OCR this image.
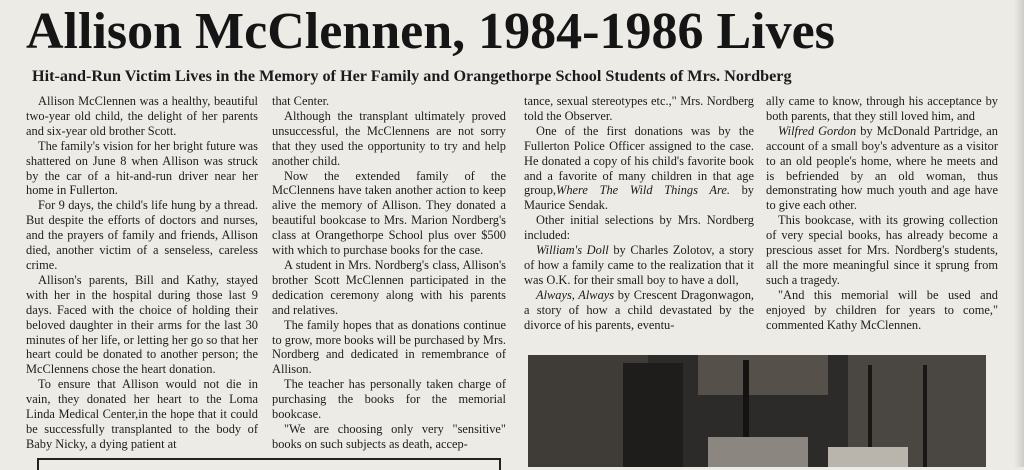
Allison McClennen, 1984-1986 Lives
Hit-and-Run Victim Lives in the Memory of Her Family and Orangethorpe School Students of Mrs. Nordberg

Allison McClennen was a healthy, beautiful two-year old child, the delight of her parents and six-year old brother Scott.

The family's vision for her bright future was shattered on June 8 when Allison was struck by the car of a hit-and-run driver near her home in Fullerton.

For 9 days, the child's life hung by a thread. But despite the efforts of doctors and nurses, and the prayers of family and friends, Allison died, another victim of a senseless, careless crime.

Allison's parents, Bill and Kathy, stayed with her in the hospital during those last 9 days. Faced with the choice of holding their beloved daughter in their arms for the last 30 minutes of her life, or letting her go so that her heart could be donated to another person; the McClennens chose the heart donation.

To ensure that Allison would not die in vain, they donated her heart to the Loma Linda Medical Center,in the hope that it could be successfully transplanted to the body of Baby Nicky, a dying patient at

that Center.

Although the transplant ultimately proved unsuccessful, the McClennens are not sorry that they used the opportunity to try and help another child.

Now the extended family of the McClennens have taken another action to keep alive the memory of Allison. They donated a beautiful bookcase to Mrs. Marion Nordberg's class at Orangethorpe School plus over $500 with which to purchase books for the case.

A student in Mrs. Nordberg's class, Allison's brother Scott McClennen participated in the dedication ceremony along with his parents and relatives.

The family hopes that as donations continue to grow, more books will be purchased by Mrs. Nordberg and dedicated in remembrance of Allison.

The teacher has personally taken charge of purchasing the books for the memorial bookcase.

"We are choosing only very "sensitive" books on such subjects as death, accep-

tance, sexual stereotypes etc.," Mrs. Nordberg told the Observer.

One of the first donations was by the Fullerton Police Officer assigned to the case. He donated a copy of his child's favorite book and a favorite of many children in that age group,Where The Wild Things Are. by Maurice Sendak.

Other initial selections by Mrs. Nordberg included:

William's Doll by Charles Zolotov, a story of how a family came to the realization that it was O.K. for their small boy to have a doll,

Always, Always by Crescent Dragonwagon, a story of how a child devastated by the divorce of his parents, eventu-

ally came to know, through his acceptance by both parents, that they still loved him, and

Wilfred Gordon by McDonald Partridge, an account of a small boy's adventure as a visitor to an old people's home, where he meets and is befriended by an old woman, thus demonstrating how much youth and age have to give each other.

This bookcase, with its growing collection of very special books, has already become a prescious asset for Mrs. Nordberg's students, all the more meaningful since it sprung from such a tragedy.

"And this memorial will be used and enjoyed by children for years to come," commented Kathy McClennen.
